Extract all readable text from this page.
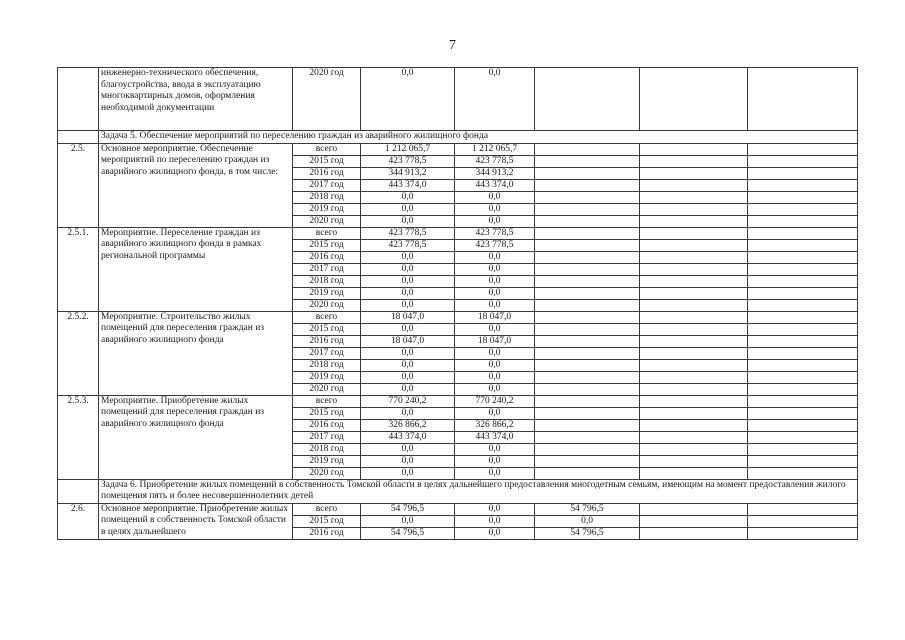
7
	инженерно-технического обеспечения, благоустройства, ввода в эксплуатацию многоквартирных домов, оформления необходимой документации	2020 год	0,0	0,0			
	Задача 5. Обеспечение мероприятий по переселению граждан из аварийного жилищного фонда						
2.5.	Основное мероприятие. Обеспечение мероприятий по переселению граждан из аварийного жилищного фонда, в том числе:	всего	1 212 065,7	1 212 065,7			
		2015 год	423 778,5	423 778,5			
		2016 год	344 913,2	344 913,2			
		2017 год	443 374,0	443 374,0			
		2018 год	0,0	0,0			
		2019 год	0,0	0,0			
		2020 год	0,0	0,0			
2.5.1.	Мероприятие. Переселение граждан из аварийного жилищного фонда в рамках региональной программы	всего	423 778,5	423 778,5			
		2015 год	423 778,5	423 778,5			
		2016 год	0,0	0,0			
		2017 год	0,0	0,0			
		2018 год	0,0	0,0			
		2019 год	0,0	0,0			
		2020 год	0,0	0,0			
2.5.2.	Мероприятие. Строительство жилых помещений для переселения граждан из аварийного жилищного фонда	всего	18 047,0	18 047,0			
		2015 год	0,0	0,0			
		2016 год	18 047,0	18 047,0			
		2017 год	0,0	0,0			
		2018 год	0,0	0,0			
		2019 год	0,0	0,0			
		2020 год	0,0	0,0			
2.5.3.	Мероприятие. Приобретение жилых помещений для переселения граждан из аварийного жилищного фонда	всего	770 240,2	770 240,2			
		2015 год	0,0	0,0			
		2016 год	326 866,2	326 866,2			
		2017 год	443 374,0	443 374,0			
		2018 год	0,0	0,0			
		2019 год	0,0	0,0			
		2020 год	0,0	0,0			
	Задача 6. Приобретение жилых помещений в собственность Томской области в целях дальнейшего предоставления многодетным семьям, имеющим на момент предоставления жилого помещения пять и более несовершеннолетних детей						
2.6.	Основное мероприятие. Приобретение жилых помещений в собственность Томской области в целях дальнейшего	всего	54 796,5	0,0	54 796,5		
		2015 год	0,0	0,0	0,0		
		2016 год	54 796,5	0,0	54 796,5		
